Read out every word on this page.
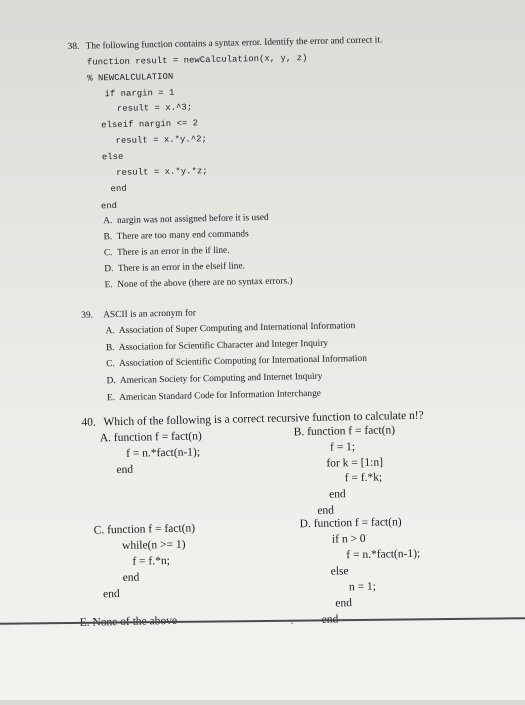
38. The following function contains a syntax error. Identify the error and correct it.
function result = newCalculation(x, y, z)
% NEWCALCULATION
if nargin = 1
result = x.^3;
elseif nargin <= 2
result = x.*y.^2;
else
result = x.*y.*z;
end
end
A. nargin was not assigned before it is used
B. There are too many end commands
C. There is an error in the if line.
D. There is an error in the elseif line.
E. None of the above (there are no syntax errors.)
39. ASCII is an acronym for
A. Association of Super Computing and International Information
B. Association for Scientific Character and Integer Inquiry
C. Association of Scientific Computing for International Information
D. American Society for Computing and Internet Inquiry
E. American Standard Code for Information Interchange
40. Which of the following is a correct recursive function to calculate n!?
A. function f = fact(n)
f = n.*fact(n-1);
end
B. function f = fact(n)
f = 1;
for k = [1:n]
f = f.*k;
end
end
C. function f = fact(n)
while(n >= 1)
f = f.*n;
end
end
D. function f = fact(n)
if n > 0
f = n.*fact(n-1);
else
n = 1;
end
